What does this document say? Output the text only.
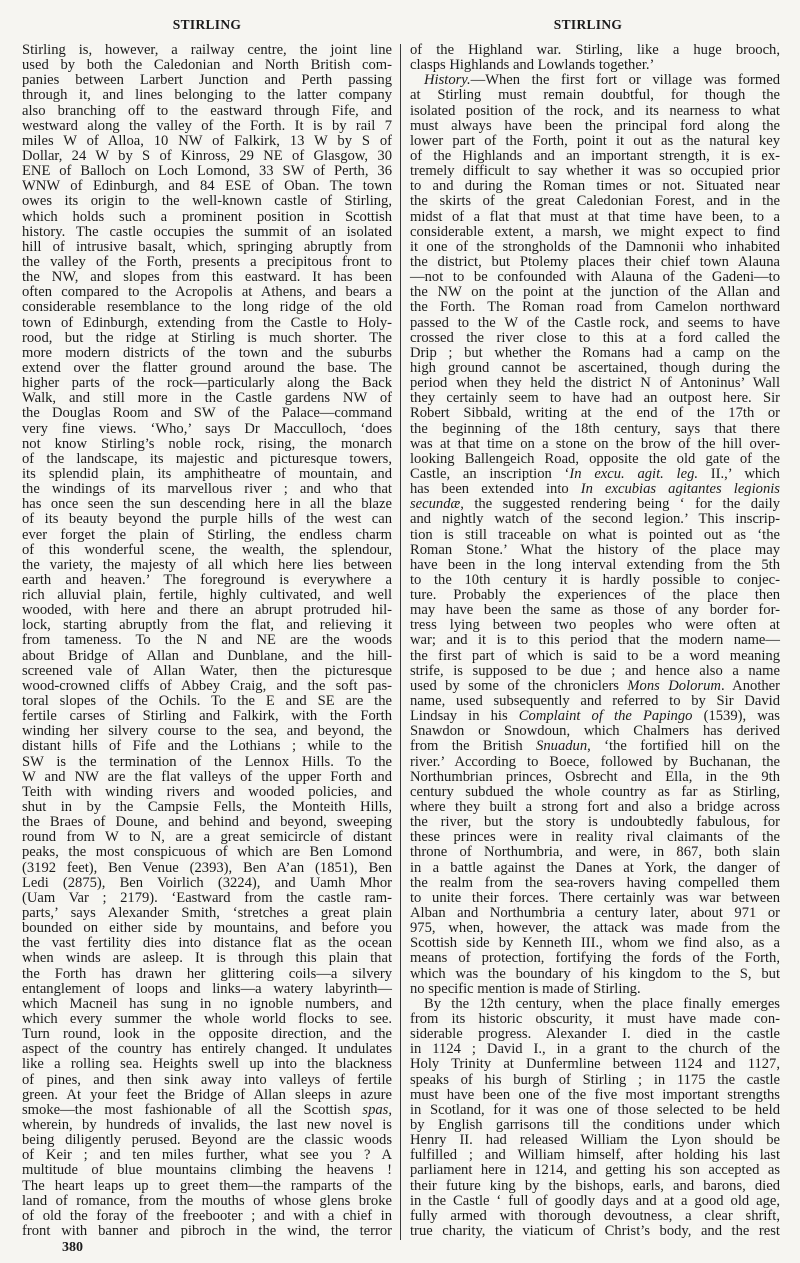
STIRLING	STIRLING
Stirling is, however, a railway centre, the joint line
used by both the Caledonian and North British com-
panies between Larbert Junction and Perth passing
through it, and lines belonging to the latter company
also branching off to the eastward through Fife, and
westward along the valley of the Forth. It is by rail 7
miles W of Alloa, 10 NW of Falkirk, 13 W by S of
Dollar, 24 W by S of Kinross, 29 NE of Glasgow, 30
ENE of Balloch on Loch Lomond, 33 SW of Perth, 36
WNW of Edinburgh, and 84 ESE of Oban. The town
owes its origin to the well-known castle of Stirling,
which holds such a prominent position in Scottish
history. The castle occupies the summit of an isolated
hill of intrusive basalt, which, springing abruptly from
the valley of the Forth, presents a precipitous front to
the NW, and slopes from this eastward. It has been
often compared to the Acropolis at Athens, and bears a
considerable resemblance to the long ridge of the old
town of Edinburgh, extending from the Castle to Holy-
rood, but the ridge at Stirling is much shorter. The
more modern districts of the town and the suburbs
extend over the flatter ground around the base. The
higher parts of the rock—particularly along the Back
Walk, and still more in the Castle gardens NW of
the Douglas Room and SW of the Palace—command
very fine views. ‘Who,’ says Dr Macculloch, ‘does
not know Stirling’s noble rock, rising, the monarch
of the landscape, its majestic and picturesque towers,
its splendid plain, its amphitheatre of mountain, and
the windings of its marvellous river ; and who that
has once seen the sun descending here in all the blaze
of its beauty beyond the purple hills of the west can
ever forget the plain of Stirling, the endless charm
of this wonderful scene, the wealth, the splendour,
the variety, the majesty of all which here lies between
earth and heaven.’ The foreground is everywhere a
rich alluvial plain, fertile, highly cultivated, and well
wooded, with here and there an abrupt protruded hil-
lock, starting abruptly from the flat, and relieving it
from tameness. To the N and NE are the woods
about Bridge of Allan and Dunblane, and the hill-
screened vale of Allan Water, then the picturesque
wood-crowned cliffs of Abbey Craig, and the soft pas-
toral slopes of the Ochils. To the E and SE are the
fertile carses of Stirling and Falkirk, with the Forth
winding her silvery course to the sea, and beyond, the
distant hills of Fife and the Lothians ; while to the
SW is the termination of the Lennox Hills. To the
W and NW are the flat valleys of the upper Forth and
Teith with winding rivers and wooded policies, and
shut in by the Campsie Fells, the Monteith Hills,
the Braes of Doune, and behind and beyond, sweeping
round from W to N, are a great semicircle of distant
peaks, the most conspicuous of which are Ben Lomond
(3192 feet), Ben Venue (2393), Ben A’an (1851), Ben
Ledi (2875), Ben Voirlich (3224), and Uamh Mhor
(Uam Var ; 2179). ‘Eastward from the castle ram-
parts,’ says Alexander Smith, ‘stretches a great plain
bounded on either side by mountains, and before you
the vast fertility dies into distance flat as the ocean
when winds are asleep. It is through this plain that
the Forth has drawn her glittering coils—a silvery
entanglement of loops and links—a watery labyrinth—
which Macneil has sung in no ignoble numbers, and
which every summer the whole world flocks to see.
Turn round, look in the opposite direction, and the
aspect of the country has entirely changed. It undulates
like a rolling sea. Heights swell up into the blackness
of pines, and then sink away into valleys of fertile
green. At your feet the Bridge of Allan sleeps in azure
smoke—the most fashionable of all the Scottish spas,
wherein, by hundreds of invalids, the last new novel is
being diligently perused. Beyond are the classic woods
of Keir ; and ten miles further, what see you ? A
multitude of blue mountains climbing the heavens !
The heart leaps up to greet them—the ramparts of the
land of romance, from the mouths of whose glens broke
of old the foray of the freebooter ; and with a chief in
front with banner and pibroch in the wind, the terror
of the Highland war. Stirling, like a huge brooch,
clasps Highlands and Lowlands together.’
History.—When the first fort or village was formed
at Stirling must remain doubtful, for though the
isolated position of the rock, and its nearness to what
must always have been the principal ford along the
lower part of the Forth, point it out as the natural key
of the Highlands and an important strength, it is ex-
tremely difficult to say whether it was so occupied prior
to and during the Roman times or not. Situated near
the skirts of the great Caledonian Forest, and in the
midst of a flat that must at that time have been, to a
considerable extent, a marsh, we might expect to find
it one of the strongholds of the Damnonii who inhabited
the district, but Ptolemy places their chief town Alauna
—not to be confounded with Alauna of the Gadeni—to
the NW on the point at the junction of the Allan and
the Forth. The Roman road from Camelon northward
passed to the W of the Castle rock, and seems to have
crossed the river close to this at a ford called the
Drip ; but whether the Romans had a camp on the
high ground cannot be ascertained, though during the
period when they held the district N of Antoninus’ Wall
they certainly seem to have had an outpost here. Sir
Robert Sibbald, writing at the end of the 17th or
the beginning of the 18th century, says that there
was at that time on a stone on the brow of the hill over-
looking Ballengeich Road, opposite the old gate of the
Castle, an inscription ‘In excu. agit. leg. II.,’ which
has been extended into In excubias agitantes legionis
secundæ, the suggested rendering being ‘ for the daily
and nightly watch of the second legion.’ This inscrip-
tion is still traceable on what is pointed out as ‘the
Roman Stone.’ What the history of the place may
have been in the long interval extending from the 5th
to the 10th century it is hardly possible to conjec-
ture. Probably the experiences of the place then
may have been the same as those of any border for-
tress lying between two peoples who were often at
war; and it is to this period that the modern name—
the first part of which is said to be a word meaning
strife, is supposed to be due ; and hence also a name
used by some of the chroniclers Mons Dolorum. Another
name, used subsequently and referred to by Sir David
Lindsay in his Complaint of the Papingo (1539), was
Snawdon or Snowdoun, which Chalmers has derived
from the British Snuadun, ‘the fortified hill on the
river.’ According to Boece, followed by Buchanan, the
Northumbrian princes, Osbrecht and Ella, in the 9th
century subdued the whole country as far as Stirling,
where they built a strong fort and also a bridge across
the river, but the story is undoubtedly fabulous, for
these princes were in reality rival claimants of the
throne of Northumbria, and were, in 867, both slain
in a battle against the Danes at York, the danger of
the realm from the sea-rovers having compelled them
to unite their forces. There certainly was war between
Alban and Northumbria a century later, about 971 or
975, when, however, the attack was made from the
Scottish side by Kenneth III., whom we find also, as a
means of protection, fortifying the fords of the Forth,
which was the boundary of his kingdom to the S, but
no specific mention is made of Stirling.
By the 12th century, when the place finally emerges
from its historic obscurity, it must have made con-
siderable progress. Alexander I. died in the castle
in 1124 ; David I., in a grant to the church of the
Holy Trinity at Dunfermline between 1124 and 1127,
speaks of his burgh of Stirling ; in 1175 the castle
must have been one of the five most important strengths
in Scotland, for it was one of those selected to be held
by English garrisons till the conditions under which
Henry II. had released William the Lyon should be
fulfilled ; and William himself, after holding his last
parliament here in 1214, and getting his son accepted as
their future king by the bishops, earls, and barons, died
in the Castle ‘ full of goodly days and at a good old age,
fully armed with thorough devoutness, a clear shrift,
true charity, the viaticum of Christ’s body, and the rest
380
